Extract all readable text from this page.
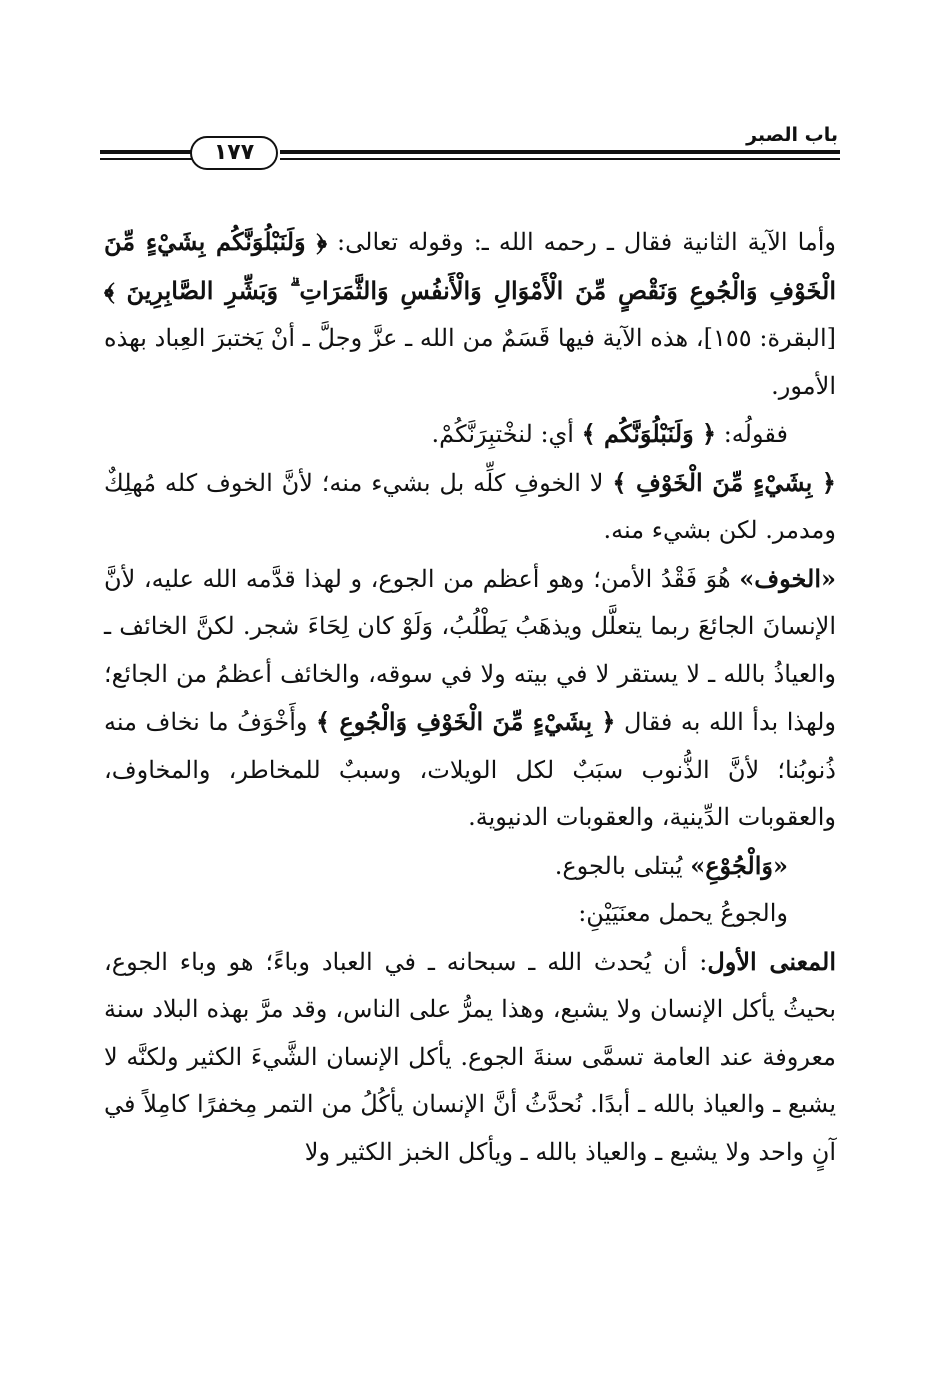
باب الصبر
١٧٧

وأما الآية الثانية فقال ـ رحمه الله ـ: وقوله تعالى: ﴿ وَلَنَبْلُوَنَّكُم بِشَيْءٍ مِّنَ الْخَوْفِ وَالْجُوعِ وَنَقْصٍ مِّنَ الْأَمْوَالِ وَالْأَنفُسِ وَالثَّمَرَاتِ ۗ وَبَشِّرِ الصَّابِرِينَ ﴾ [البقرة: ١٥٥]، هذه الآية فيها قَسَمٌ من الله ـ عزَّ وجلَّ ـ أنْ يَختبرَ العِباد بهذه الأمور.

فقولُه: ﴿ وَلَنَبْلُوَنَّكُم ﴾ أي: لنخْتبِرَنَّكُمْ.

﴿ بِشَيْءٍ مِّنَ الْخَوْفِ ﴾ لا الخوفِ كلِّه بل بشيء منه؛ لأنَّ الخوف كله مُهلِكٌ ومدمر. لكن بشيء منه.

«الخوف» هُوَ فَقْدُ الأمن؛ وهو أعظم من الجوع، و لهذا قدَّمه الله عليه، لأنَّ الإنسانَ الجائعَ ربما يتعلَّل ويذهَبُ يَطْلُبُ، وَلَوْ كان لِحَاءَ شجر. لكنَّ الخائف ـ والعياذُ بالله ـ لا يستقر لا في بيته ولا في سوقه، والخائف أعظمُ من الجائع؛ ولهذا بدأ الله به فقال ﴿ بِشَيْءٍ مِّنَ الْخَوْفِ وَالْجُوعِ ﴾ وأَخْوَفُ ما نخاف منه ذُنوبُنا؛ لأنَّ الذُّنوب سبَبٌ لكل الويلات، وسببٌ للمخاطر، والمخاوف، والعقوبات الدِّينية، والعقوبات الدنيوية.

«وَالْجُوْعِ» يُبتلى بالجوع.

والجوعُ يحمل معنَيَيْنِ:

المعنى الأول: أن يُحدث الله ـ سبحانه ـ في العباد وباءً؛ هو وباء الجوع، بحيثُ يأكل الإنسان ولا يشبع، وهذا يمرُّ على الناس، وقد مرَّ بهذه البلاد سنة معروفة عند العامة تسمَّى سنةَ الجوع. يأكل الإنسان الشَّيءَ الكثير ولكنَّه لا يشبع ـ والعياذ بالله ـ أبدًا. نُحدَّثُ أنَّ الإنسان يأكُلُ من التمر مِخفرًا كامِلاً في آنٍ واحد ولا يشبع ـ والعياذ بالله ـ ويأكل الخبز الكثير ولا
